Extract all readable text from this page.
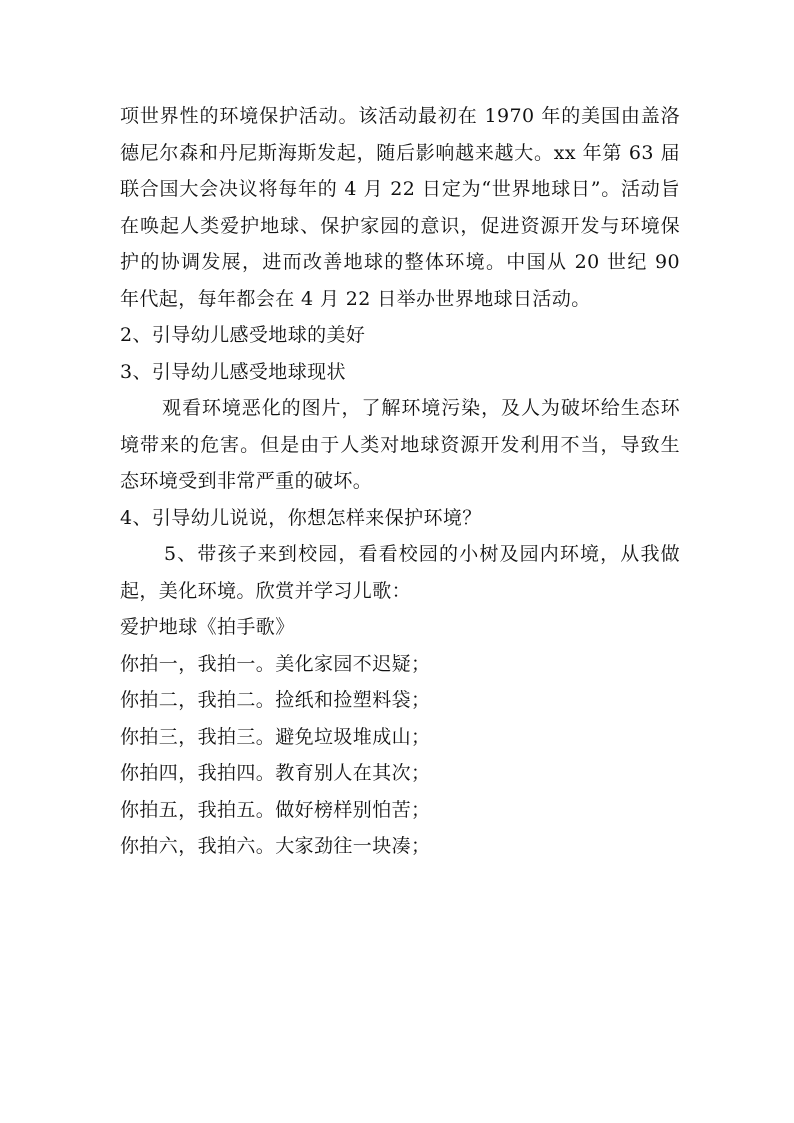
项世界性的环境保护活动。该活动最初在 1970 年的美国由盖洛德尼尔森和丹尼斯海斯发起，随后影响越来越大。xx 年第 63 届联合国大会决议将每年的 4 月 22 日定为“世界地球日”。活动旨在唤起人类爱护地球、保护家园的意识，促进资源开发与环境保护的协调发展，进而改善地球的整体环境。中国从 20 世纪 90 年代起，每年都会在 4 月 22 日举办世界地球日活动。

2、引导幼儿感受地球的美好

3、引导幼儿感受地球现状

观看环境恶化的图片，了解环境污染，及人为破坏给生态环境带来的危害。但是由于人类对地球资源开发利用不当，导致生态环境受到非常严重的破坏。

4、引导幼儿说说，你想怎样来保护环境？

5、带孩子来到校园，看看校园的小树及园内环境，从我做起，美化环境。欣赏并学习儿歌：

爱护地球《拍手歌》

你拍一，我拍一。美化家园不迟疑；

你拍二，我拍二。捡纸和捡塑料袋；

你拍三，我拍三。避免垃圾堆成山；

你拍四，我拍四。教育别人在其次；

你拍五，我拍五。做好榜样别怕苦；

你拍六，我拍六。大家劲往一块凑；
